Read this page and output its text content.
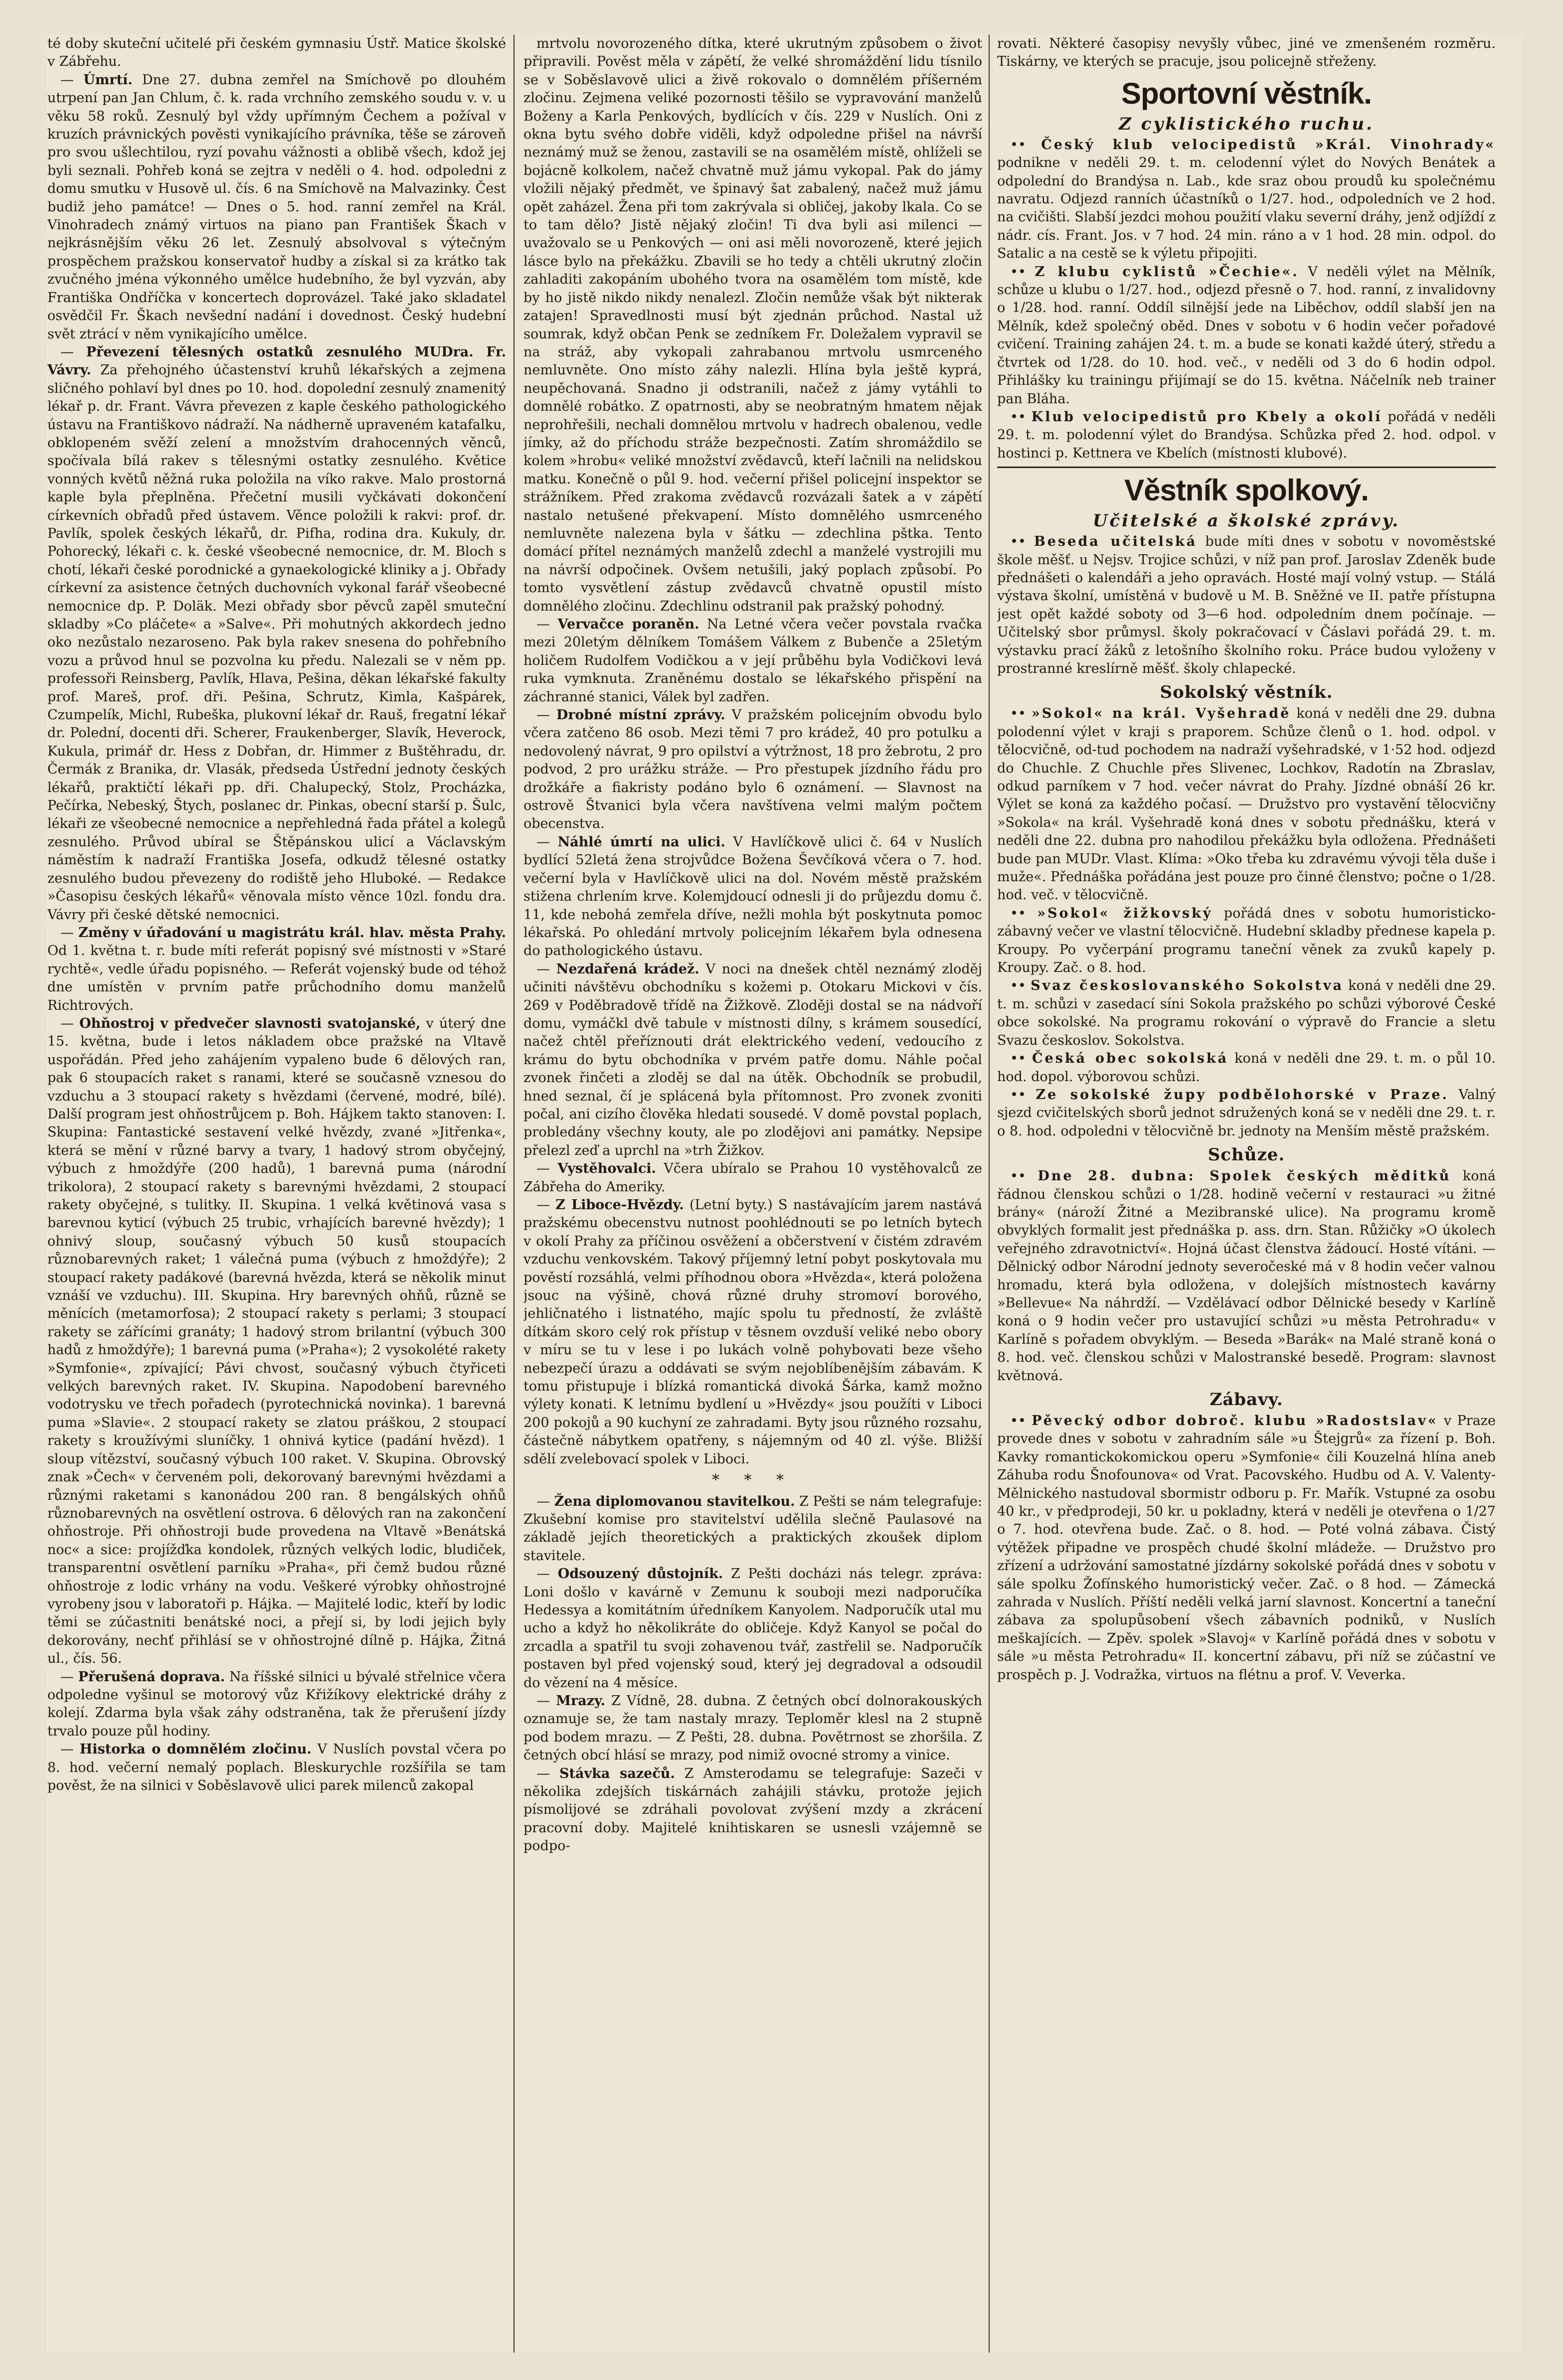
té doby skuteční učitelé při českém gymnasiu Ústř. Matice školské v Zábřehu.

— Úmrtí. Dne 27. dubna zemřel na Smíchově po dlouhém utrpení pan Jan Chlum, č. k. rada vrchního zemského soudu v. v. u věku 58 roků. Zesnulý byl vždy upřímným Čechem a požíval v kruzích právnických pověsti vynikajícího právníka, těše se zároveň pro svou ušlechtilou, ryzí povahu vážnosti a oblibě všech, kdož jej byli seznali. Pohřeb koná se zejtra v neděli o 4. hod. odpoledni z domu smutku v Husově ul. čís. 6 na Smíchově na Malvazinky. Čest budiž jeho památce! — Dnes o 5. hod. ranní zemřel na Král. Vinohradech známý virtuos na piano pan František Škach v nejkrásnějším věku 26 let. Zesnulý absolvoval s výtečným prospěchem pražskou konservatoř hudby a získal si za krátko tak zvučného jména výkonného umělce hudebního, že byl vyzván, aby Františka Ondříčka v koncertech doprovázel. Také jako skladatel osvědčil Fr. Škach nevšední nadání i dovednost. Český hudební svět ztrácí v něm vynikajícího umělce.

— Převezení tělesných ostatků zesnulého MUDra. Fr. Vávry. Za přehojného účastenství kruhů lékařských a zejmena sličného pohlaví byl dnes po 10. hod. dopolední zesnulý znamenitý lékař p. dr. Frant. Vávra převezen z kaple českého pathologického ústavu na Františkovo nádraží. Na nádherně upraveném katafalku, obklopeném svěží zelení a množstvím drahocenných věnců, spočívala bílá rakev s tělesnými ostatky zesnulého. Květice vonných květů něžná ruka položila na víko rakve. Malo prostorná kaple byla přeplněna. Přečetní musili vyčkávati dokončení církevních obřadů před ústavem. Věnce položili k rakvi: prof. dr. Pavlík, spolek českých lékařů, dr. Pifha, rodina dra. Kukuly, dr. Pohorecký, lékaři c. k. české všeobecné nemocnice, dr. M. Bloch s chotí, lékaři české porodnické a gynaekologické kliniky a j. Obřady církevní za asistence četných duchovních vykonal farář všeobecné nemocnice dp. P. Doläk. Mezi obřady sbor pěvců zapěl smuteční skladby »Co pláčete« a »Salve«. Při mohutných akkordech jedno oko nezůstalo nezaroseno. Pak byla rakev snesena do pohřebního vozu a průvod hnul se pozvolna ku předu. Nalezali se v něm pp. professoři Reinsberg, Pavlík, Hlava, Pešina, děkan lékařské fakulty prof. Mareš, prof. dři. Pešina, Schrutz, Kimla, Kašpárek, Czumpelík, Michl, Rubeška, plukovní lékař dr. Rauš, fregatní lékař dr. Polední, docenti dři. Scherer, Fraukenberger, Slavík, Heverock, Kukula, primář dr. Hess z Dobřan, dr. Himmer z Buštěhradu, dr. Čermák z Branika, dr. Vlasák, předseda Ústřední jednoty českých lékařů, praktičtí lékaři pp. dři. Chalupecký, Stolz, Procházka, Pečírka, Nebeský, Štych, poslanec dr. Pinkas, obecní starší p. Šulc, lékaři ze všeobecné nemocnice a nepřehledná řada přátel a kolegů zesnulého. Průvod ubíral se Štěpánskou ulicí a Václavským náměstím k nadraží Františka Josefa, odkudž tělesné ostatky zesnulého budou převezeny do rodiště jeho Hluboké. — Redakce »Časopisu českých lékařů« věnovala místo věnce 10zl. fondu dra. Vávry při české dětské nemocnici.

— Změny v úřadování u magistrátu král. hlav. města Prahy. Od 1. května t. r. bude míti referát popisný své místnosti v »Staré rychtě«, vedle úřadu popisného. — Referát vojenský bude od téhož dne umístěn v prvním patře průchodního domu manželů Richtrových.

— Ohňostroj v předvečer slavnosti svatojanské, v úterý dne 15. května, bude i letos nákladem obce pražské na Vltavě uspořádán. Před jeho zahájením vypaleno bude 6 dělových ran, pak 6 stoupacích raket s ranami, které se současně vznesou do vzduchu a 3 stoupací rakety s hvězdami (červené, modré, bílé). Další program jest ohňostrůjcem p. Boh. Hájkem takto stanoven: I. Skupina: Fantastické sestavení velké hvězdy, zvané »Jitřenka«, která se mění v různé barvy a tvary, 1 hadový strom obyčejný, výbuch z hmoždýře (200 hadů), 1 barevná puma (národní trikolora), 2 stoupací rakety s barevnými hvězdami, 2 stoupací rakety obyčejné, s tulitky. II. Skupina. 1 velká květinová vasa s barevnou kyticí (výbuch 25 trubic, vrhajících barevné hvězdy); 1 ohnivý sloup, současný výbuch 50 kusů stoupacích různobarevných raket; 1 válečná puma (výbuch z hmoždýře); 2 stoupací rakety padákové (barevná hvězda, která se několik minut vznáší ve vzduchu). III. Skupina. Hry barevných ohňů, různě se měnících (metamorfosa); 2 stoupací rakety s perlami; 3 stoupací rakety se zářícími granáty; 1 hadový strom brilantní (výbuch 300 hadů z hmoždýře); 1 barevná puma (»Praha«); 2 vysokolété rakety »Symfonie«, zpívající; Pávi chvost, současný výbuch čtyřiceti velkých barevných raket. IV. Skupina. Napodobení barevného vodotrysku ve třech pořadech (pyrotechnická novinka). 1 barevná puma »Slavie«. 2 stoupací rakety se zlatou práškou, 2 stoupací rakety s kroužívými sluníčky. 1 ohnivá kytice (padání hvězd). 1 sloup vítězství, současný výbuch 100 raket. V. Skupina. Obrovský znak »Čech« v červeném poli, dekorovaný barevnými hvězdami a různými raketami s kanonádou 200 ran. 8 bengálských ohňů různobarevných na osvětlení ostrova. 6 dělových ran na zakončení ohňostroje. Při ohňostroji bude provedena na Vltavě »Benátská noc« a sice: projížďka kondolek, různých velkých lodic, bludiček, transparentní osvětlení parníku »Praha«, při čemž budou různé ohňostroje z lodic vrhány na vodu. Veškeré výrobky ohňostrojné vyrobeny jsou v laboratoři p. Hájka. — Majitelé lodic, kteří by lodic těmi se zúčastniti benátské noci, a přejí si, by lodi jejich byly dekorovány, nechť přihlásí se v ohňostrojné dílně p. Hájka, Žitná ul., čís. 56.

— Přerušená doprava. Na říšské silnici u bývalé střelnice včera odpoledne vyšinul se motorový vůz Křižíkovy elektrické dráhy z kolejí. Zdarma byla však záhy odstraněna, tak že přerušení jízdy trvalo pouze půl hodiny.

— Historka o domnělém zločinu. V Nuslích povstal včera po 8. hod. večerní nemalý poplach. Bleskurychle rozšířila se tam pověst, že na silnici v Soběslavově ulici parek milenců zakopal

mrtvolu novorozeného dítka, které ukrutným způsobem o život připravili. Pověst měla v zápětí, že velké shromáždění lidu tísnilo se v Soběslavově ulici a živě rokovalo o domnělém příšerném zločinu. Zejmena veliké pozornosti těšilo se vypravování manželů Boženy a Karla Penkových, bydlících v čís. 229 v Nuslích. Oni z okna bytu svého dobře viděli, když odpoledne přišel na návrší neznámý muž se ženou, zastavili se na osamělém místě, ohlíželi se bojácně kolkolem, načež chvatně muž jámu vykopal. Pak do jámy vložili nějaký předmět, ve špinavý šat zabalený, načež muž jámu opět zaházel. Žena při tom zakrývala si obličej, jakoby lkala. Co se to tam dělo? Jistě nějaký zločin! Ti dva byli asi milenci — uvažovalo se u Penkových — oni asi měli novorozeně, které jejich lásce bylo na překážku. Zbavili se ho tedy a chtěli ukrutný zločin zahladiti zakopáním ubohého tvora na osamělém tom místě, kde by ho jistě nikdo nikdy nenalezl. Zločin nemůže však být nikterak zatajen! Spravedlnosti musí být zjednán průchod. Nastal už soumrak, když občan Penk se zedníkem Fr. Doležalem vypravil se na stráž, aby vykopali zahrabanou mrtvolu usmrceného nemluvněte. Ono místo záhy nalezli. Hlína byla ještě kyprá, neupěchovaná. Snadno ji odstranili, načež z jámy vytáhli to domnělé robátko. Z opatrnosti, aby se neobratným hmatem nějak neprohřešili, nechali domnělou mrtvolu v hadrech obalenou, vedle jímky, až do příchodu stráže bezpečnosti. Zatím shromáždilo se kolem »hrobu« veliké množství zvědavců, kteří lačnili na nelidskou matku. Konečně o půl 9. hod. večerní přišel policejní inspektor se strážníkem. Před zrakoma zvědavců rozvázali šatek a v zápětí nastalo netušené překvapení. Místo domnělého usmrceného nemluvněte nalezena byla v šátku — zdechlina pštka. Tento domácí přítel neznámých manželů zdechl a manželé vystrojili mu na návrší odpočinek. Ovšem netušili, jaký poplach způsobí. Po tomto vysvětlení zástup zvědavců chvatně opustil místo domnělého zločinu. Zdechlinu odstranil pak pražský pohodný.

— Vervačce poraněn. Na Letné včera večer povstala rvačka mezi 20letým dělníkem Tomášem Válkem z Bubenče a 25letým holičem Rudolfem Vodičkou a v její průběhu byla Vodičkovi levá ruka vymknuta. Zraněnému dostalo se lékařského přispění na záchranné stanici, Válek byl zadřen.

— Drobné místní zprávy. V pražském policejním obvodu bylo včera zatčeno 86 osob. Mezi těmi 7 pro krádež, 40 pro potulku a nedovolený návrat, 9 pro opilství a výtržnost, 18 pro žebrotu, 2 pro podvod, 2 pro urážku stráže. — Pro přestupek jízdního řádu pro drožkáře a fiakristy podáno bylo 6 oznámení. — Slavnost na ostrově Štvanici byla včera navštívena velmi malým počtem obecenstva.

— Náhlé úmrtí na ulici. V Havlíčkově ulici č. 64 v Nuslích bydlící 52letá žena strojvůdce Božena Ševčíková včera o 7. hod. večerní byla v Havlíčkově ulici na dol. Novém městě pražském stižena chrlením krve. Kolemjdoucí odnesli ji do průjezdu domu č. 11, kde nebohá zemřela dříve, nežli mohla být poskytnuta pomoc lékařská. Po ohledání mrtvoly policejním lékařem byla odnesena do pathologického ústavu.

— Nezdařená krádež. V noci na dnešek chtěl neznámý zloděj učiniti návštěvu obchodníku s kožemi p. Otokaru Mickovi v čís. 269 v Poděbradově třídě na Žižkově. Zloději dostal se na nádvoří domu, vymáčkl dvě tabule v místnosti dílny, s krámem sousedící, načež chtěl přeříznouti drát elektrického vedení, vedoucího z krámu do bytu obchodníka v prvém patře domu. Náhle počal zvonek řinčeti a zloděj se dal na útěk. Obchodník se probudil, hned seznal, čí je splácená byla přítomnost. Pro zvonek zvoniti počal, ani cizího člověka hledati sousedé. V domě povstal poplach, probledány všechny kouty, ale po zlodějovi ani památky. Nepsipe přelezl zeď a uprchl na »trh Žižkov.

— Vystěhovalci. Včera ubíralo se Prahou 10 vystěhovalců ze Zábřeha do Ameriky.

— Z Liboce-Hvězdy. (Letní byty.) S nastávajícím jarem nastává pražskému obecenstvu nutnost poohlédnouti se po letních bytech v okolí Prahy za příčinou osvěžení a občerstvení v čistém zdravém vzduchu venkovském. Takový příjemný letní pobyt poskytovala mu pověstí rozsáhlá, velmi příhodnou obora »Hvězda«, která položena jsouc na výšině, chová různé druhy stromoví borového, jehličnatého i listnatého, majíc spolu tu předností, že zvláště dítkám skoro celý rok přístup v těsnem ovzduší veliké nebo obory v míru se tu v lese i po lukách volně pohybovati beze všeho nebezpečí úrazu a oddávati se svým nejoblíbenějším zábavám. K tomu přistupuje i blízká romantická divoká Šárka, kamž možno výlety konati. K letnímu bydlení u »Hvězdy« jsou použíti v Liboci 200 pokojů a 90 kuchyní ze zahradami. Byty jsou různého rozsahu, částečně nábytkem opatřeny, s nájemným od 40 zl. výše. Bližší sdělí zvelebovací spolek v Liboci.

* * *

— Žena diplomovanou stavitelkou. Z Pešti se nám telegrafuje: Zkušební komise pro stavitelství udělila slečně Paulasové na základě jejích theoretických a praktických zkoušek diplom stavitele.

— Odsouzený důstojník. Z Pešti docházi nás telegr. zpráva: Loni došlo v kavárně v Zemunu k souboji mezi nadporučíka Hedessya a komitátním úředníkem Kanyolem. Nadporučík utal mu ucho a když ho několikráte do obličeje. Když Kanyol se počal do zrcadla a spatřil tu svoji zohavenou tvář, zastřelil se. Nadporučík postaven byl před vojenský soud, který jej degradoval a odsoudil do vězení na 4 měsíce.

— Mrazy. Z Vídně, 28. dubna. Z četných obcí dolnorakouských oznamuje se, že tam nastaly mrazy. Teploměr klesl na 2 stupně pod bodem mrazu. — Z Pešti, 28. dubna. Povětrnost se zhoršila. Z četných obcí hlásí se mrazy, pod nimiž ovocné stromy a vinice.

— Stávka sazečů. Z Amsterodamu se telegrafuje: Sazeči v několika zdejších tiskárnách zahájili stávku, protože jejich písmolijové se zdráhali povolovat zvýšení mzdy a zkrácení pracovní doby. Majitelé knihtiskaren se usnesli vzájemně se podpo-

rovati. Některé časopisy nevyšly vůbec, jiné ve zmenšeném rozměru. Tiskárny, ve kterých se pracuje, jsou policejně střeženy.

Sportovní věstník.
Z cyklistického ruchu.

•• Český klub velocipedistů »Král. Vinohrady« podnikne v neděli 29. t. m. celodenní výlet do Nových Benátek a odpolední do Brandýsa n. Lab., kde sraz obou proudů ku společnému navratu. Odjezd ranních účastníků o 1/27. hod., odpoledních ve 2 hod. na cvičišti. Slabší jezdci mohou použití vlaku severní dráhy, jenž odjíždí z nádr. cís. Frant. Jos. v 7 hod. 24 min. ráno a v 1 hod. 28 min. odpol. do Satalic a na cestě se k výletu připojiti.

•• Z klubu cyklistů »Čechie«. V neděli výlet na Mělník, schůze u klubu o 1/27. hod., odjezd přesně o 7. hod. ranní, z invalidovny o 1/28. hod. ranní. Oddíl silnější jede na Liběchov, oddíl slabší jen na Mělník, kdež společný oběd. Dnes v sobotu v 6 hodin večer pořadové cvičení. Training zahájen 24. t. m. a bude se konati každé úterý, středu a čtvrtek od 1/28. do 10. hod. več., v neděli od 3 do 6 hodin odpol. Přihlášky ku trainingu přijímají se do 15. května. Náčelník neb trainer pan Bláha.

•• Klub velocipedistů pro Kbely a okolí pořádá v neděli 29. t. m. polodenní výlet do Brandýsa. Schůzka před 2. hod. odpol. v hostinci p. Kettnera ve Kbelích (místnosti klubové).

Věstník spolkový.
Učitelské a školské zprávy.

•• Beseda učitelská bude míti dnes v sobotu v novoměstské škole měšť. u Nejsv. Trojice schůzi, v níž pan prof. Jaroslav Zdeněk bude přednášeti o kalendáři a jeho opravách. Hosté mají volný vstup. — Stálá výstava školní, umístěná v budově u M. B. Sněžné ve II. patře přístupna jest opět každé soboty od 3—6 hod. odpoledním dnem počínaje. — Učitelský sbor průmysl. školy pokračovací v Čáslavi pořádá 29. t. m. výstavku prací žáků z letošního školního roku. Práce budou vyloženy v prostranné kreslírně měšť. školy chlapecké.

Sokolský věstník.

•• »Sokol« na král. Vyšehradě koná v neděli dne 29. dubna polodenní výlet v kraji s praporem. Schůze členů o 1. hod. odpol. v tělocvičně, od-tud pochodem na nadraží vyšehradské, v 1·52 hod. odjezd do Chuchle. Z Chuchle přes Slivenec, Lochkov, Radotín na Zbraslav, odkud parníkem v 7 hod. večer návrat do Prahy. Jízdné obnáší 26 kr. Výlet se koná za každého počasí. — Družstvo pro vystavění tělocvičny »Sokola« na král. Vyšehradě koná dnes v sobotu přednášku, která v neděli dne 22. dubna pro nahodilou překážku byla odložena. Přednášeti bude pan MUDr. Vlast. Klíma: »Oko třeba ku zdravému vývoji těla duše i muže«. Přednáška pořádána jest pouze pro činné členstvo; počne o 1/28. hod. več. v tělocvičně.

•• »Sokol« žižkovský pořádá dnes v sobotu humoristicko-zábavný večer ve vlastní tělocvičně. Hudební skladby přednese kapela p. Kroupy. Po vyčerpání programu taneční věnek za zvuků kapely p. Kroupy. Zač. o 8. hod.

•• Svaz českoslovanského Sokolstva koná v neděli dne 29. t. m. schůzi v zasedací síni Sokola pražského po schůzi výborové České obce sokolské. Na programu rokování o výpravě do Francie a sletu Svazu českoslov. Sokolstva.

•• Česká obec sokolská koná v neděli dne 29. t. m. o půl 10. hod. dopol. výborovou schůzi.

•• Ze sokolské župy podbělohorské v Praze. Valný sjezd cvičitelských sborů jednot sdružených koná se v neděli dne 29. t. r. o 8. hod. odpoledni v tělocvičně br. jednoty na Menším městě pražském.

Schůze.

•• Dne 28. dubna: Spolek českých měditků koná řádnou členskou schůzi o 1/28. hodině večerní v restauraci »u žitné brány« (nároží Žitné a Mezibranské ulice). Na programu kromě obvyklých formalit jest přednáška p. ass. drn. Stan. Růžičky »O úkolech veřejného zdravotnictví«. Hojná účast členstva žádoucí. Hosté vítáni. — Dělnický odbor Národní jednoty severočeské má v 8 hodin večer valnou hromadu, která byla odložena, v dolejších místnostech kavárny »Bellevue« Na náhrdží. — Vzdělávací odbor Dělnické besedy v Karlíně koná o 9 hodin večer pro ustavující schůzi »u města Petrohradu« v Karlíně s pořadem obvyklým. — Beseda »Barák« na Malé straně koná o 8. hod. več. členskou schůzi v Malostranské besedě. Program: slavnost květnová.

Zábavy.

•• Pěvecký odbor dobroč. klubu »Radostslav« v Praze provede dnes v sobotu v zahradním sále »u Štejgrů« za řízení p. Boh. Kavky romantickokomickou operu »Symfonie« čili Kouzelná hlína aneb Záhuba rodu Šnofounova« od Vrat. Pacovského. Hudbu od A. V. Valenty-Mělnického nastudoval sbormistr odboru p. Fr. Mařík. Vstupné za osobu 40 kr., v předprodeji, 50 kr. u pokladny, která v neděli je otevřena o 1/27 o 7. hod. otevřena bude. Zač. o 8. hod. — Poté volná zábava. Čistý výtěžek připadne ve prospěch chudé školní mládeže. — Družstvo pro zřízení a udržování samostatné jízdárny sokolské pořádá dnes v sobotu v sále spolku Žofínského humoristický večer. Zač. o 8 hod. — Zámecká zahrada v Nuslích. Příští neděli velká jarní slavnost. Koncertní a taneční zábava za spolupůsobení všech zábavních podniků, v Nuslích meškajících. — Zpěv. spolek »Slavoj« v Karlíně pořádá dnes v sobotu v sále »u města Petrohradu« II. koncertní zábavu, při níž se zúčastní ve prospěch p. J. Vodražka, virtuos na flétnu a prof. V. Veverka.
